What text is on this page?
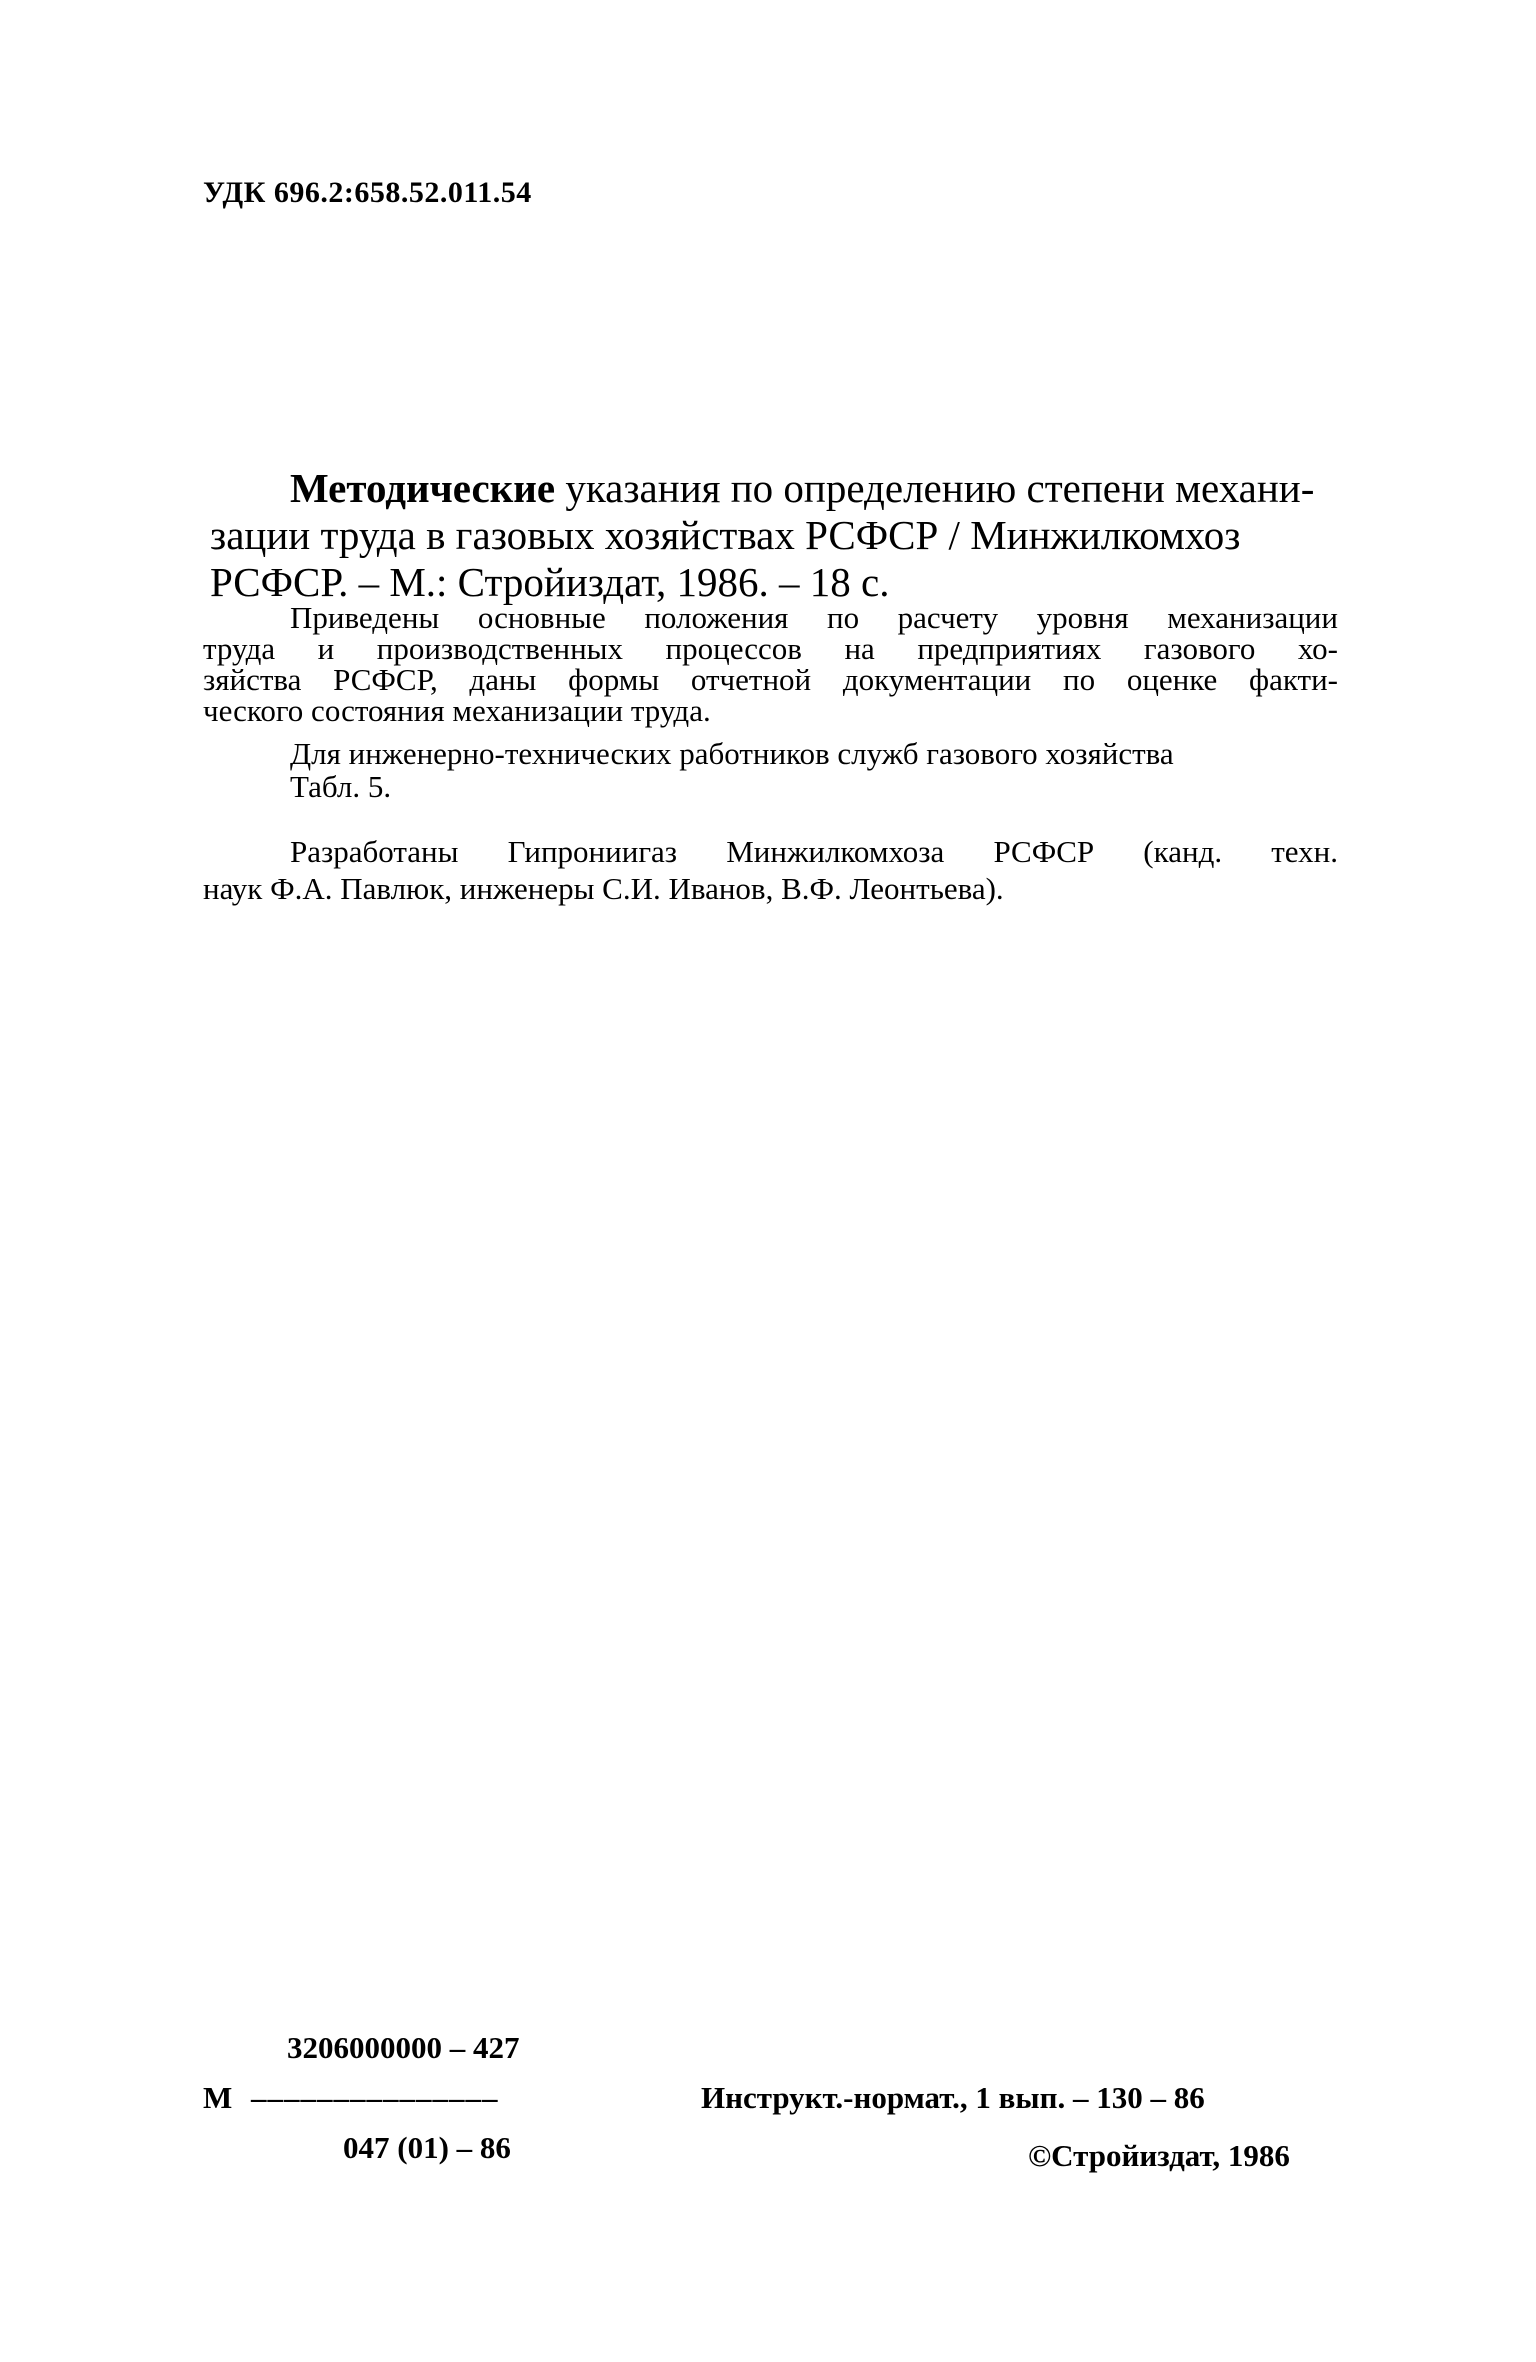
УДК 696.2:658.52.011.54
Методические указания по определению степени механи-
зации труда в газовых хозяйствах РСФСР / Минжилкомхоз
РСФСР. – М.: Стройиздат, 1986. – 18 с.
Приведены основные положения по расчету уровня механизации
труда и производственных процессов на предприятиях газового хо-
зяйства РСФСР, даны формы отчетной документации по оценке факти-
ческого состояния механизации труда.
Для инженерно-технических работников служб газового хозяйства
Табл. 5.
Разработаны Гипрониигаз Минжилкомхоза РСФСР (канд. техн.
наук Ф.А. Павлюк, инженеры С.И. Иванов, В.Ф. Леонтьева).
3206000000 – 427
М –––––––––––––––
047 (01) – 86
Инструкт.-нормат., 1 вып. – 130 – 86
©Стройиздат, 1986
